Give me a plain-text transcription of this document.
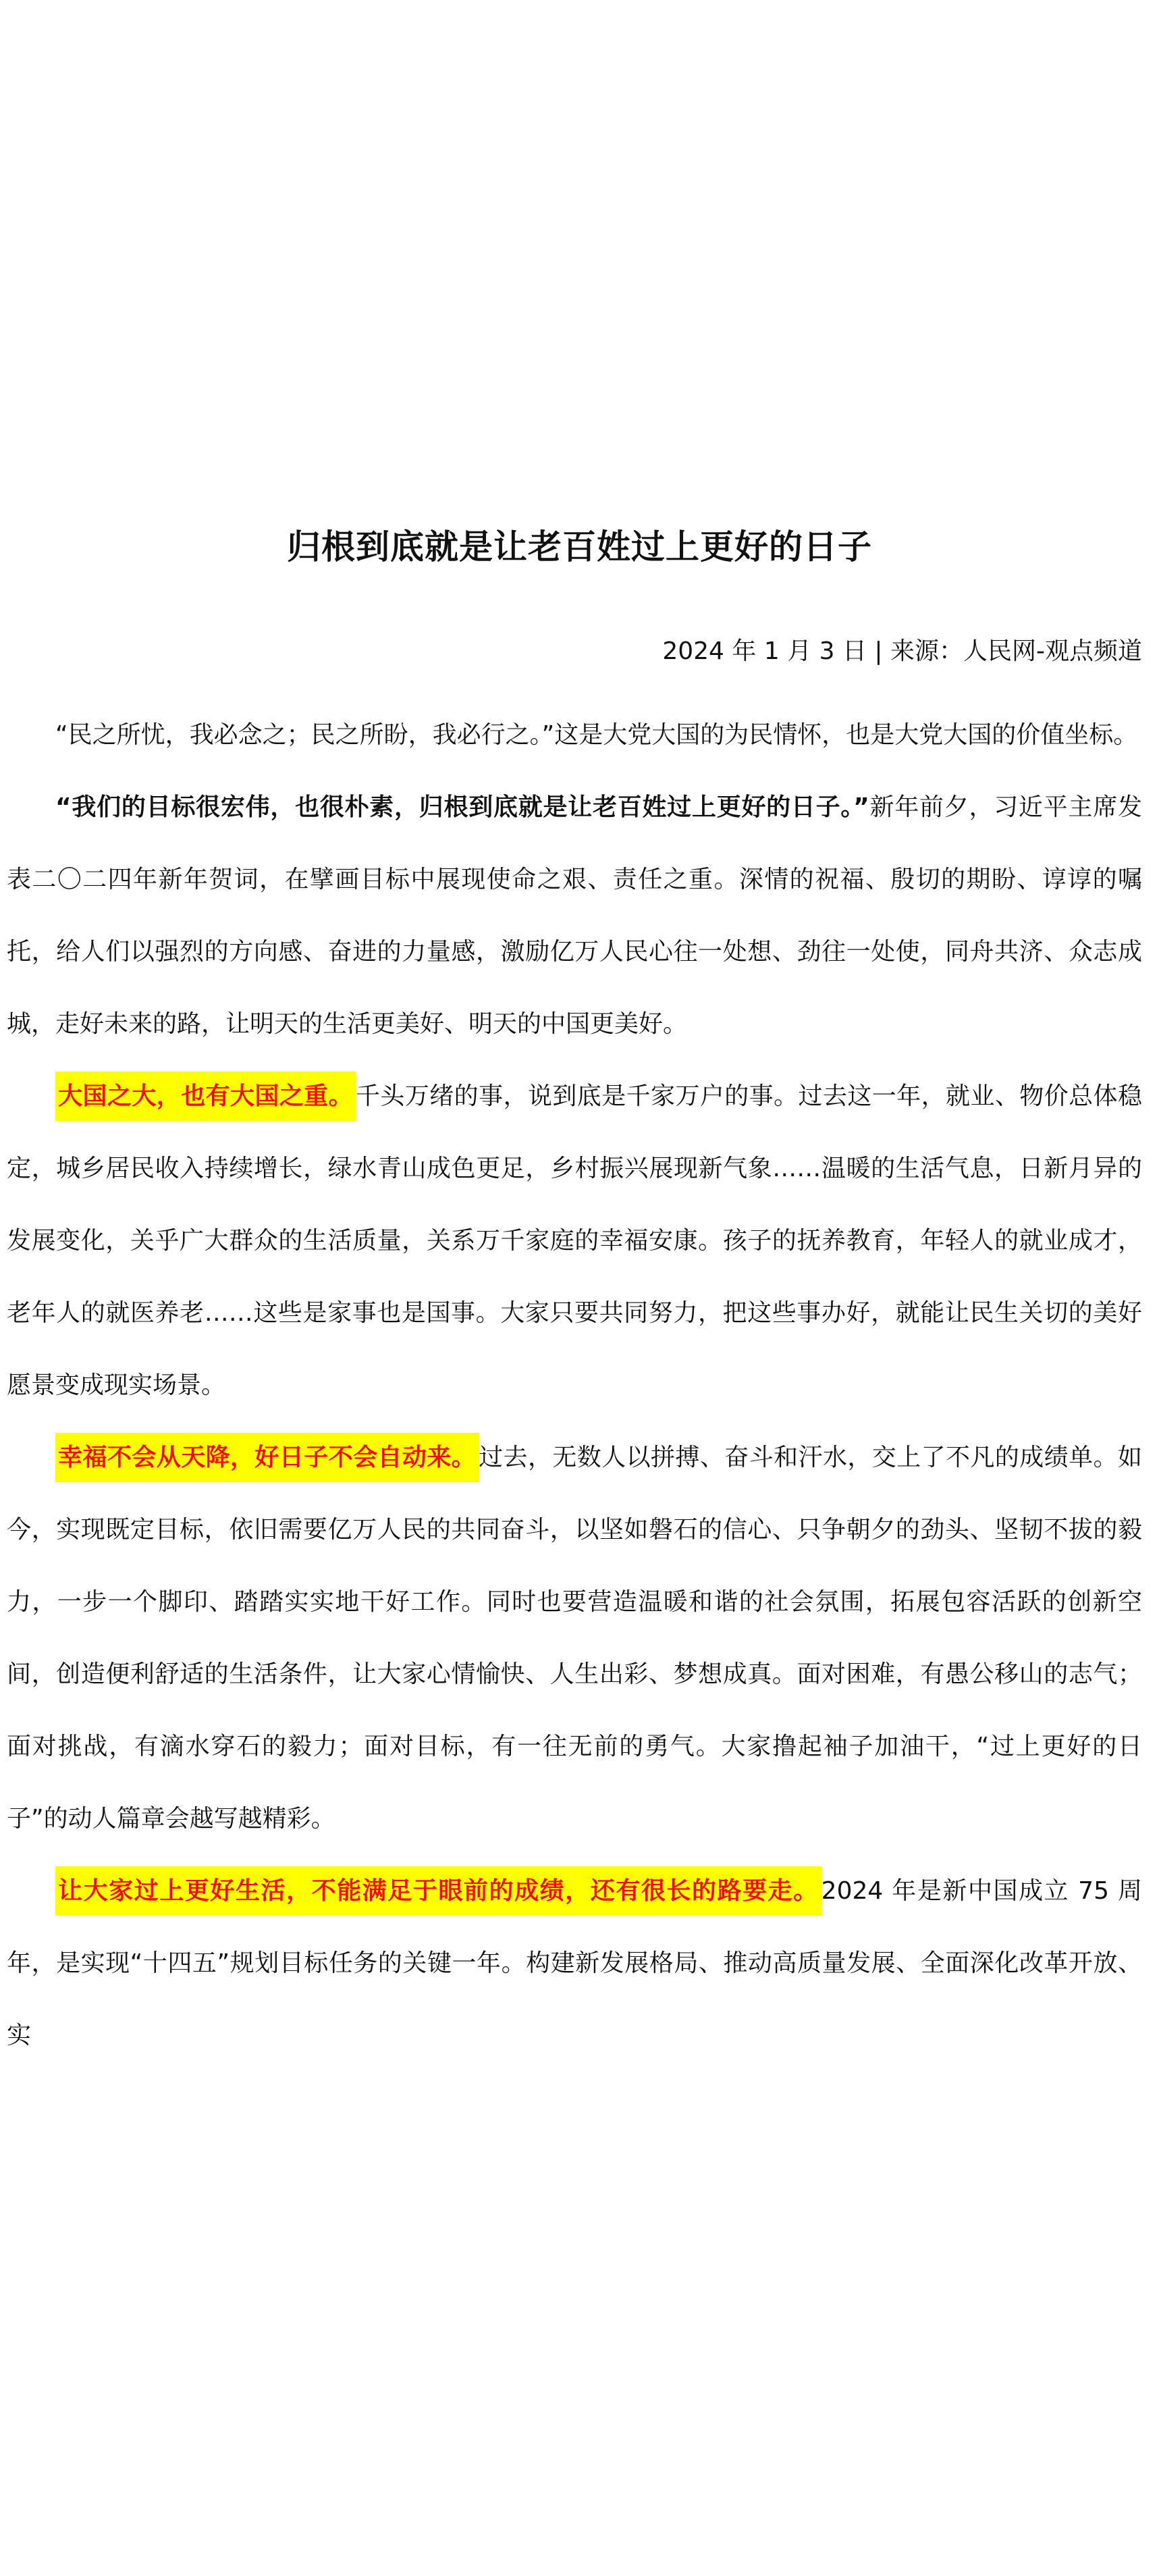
归根到底就是让老百姓过上更好的日子
2024 年 1 月 3 日 | 来源：人民网-观点频道

“民之所忧，我必念之；民之所盼，我必行之。”这是大党大国的为民情怀，也是大党大国的价值坐标。

“我们的目标很宏伟，也很朴素，归根到底就是让老百姓过上更好的日子。”新年前夕，习近平主席发表二〇二四年新年贺词，在擘画目标中展现使命之艰、责任之重。深情的祝福、殷切的期盼、谆谆的嘱托，给人们以强烈的方向感、奋进的力量感，激励亿万人民心往一处想、劲往一处使，同舟共济、众志成城，走好未来的路，让明天的生活更美好、明天的中国更美好。

大国之大，也有大国之重。 千头万绪的事，说到底是千家万户的事。过去这一年，就业、物价总体稳定，城乡居民收入持续增长，绿水青山成色更足，乡村振兴展现新气象……温暖的生活气息，日新月异的发展变化，关乎广大群众的生活质量，关系万千家庭的幸福安康。孩子的抚养教育，年轻人的就业成才，老年人的就医养老……这些是家事也是国事。大家只要共同努力，把这些事办好，就能让民生关切的美好愿景变成现实场景。

幸福不会从天降，好日子不会自动来。 过去，无数人以拼搏、奋斗和汗水，交上了不凡的成绩单。如今，实现既定目标，依旧需要亿万人民的共同奋斗，以坚如磐石的信心、只争朝夕的劲头、坚韧不拔的毅力，一步一个脚印、踏踏实实地干好工作。同时也要营造温暖和谐的社会氛围，拓展包容活跃的创新空间，创造便利舒适的生活条件，让大家心情愉快、人生出彩、梦想成真。面对困难，有愚公移山的志气；面对挑战，有滴水穿石的毅力；面对目标，有一往无前的勇气。大家撸起袖子加油干，“过上更好的日子”的动人篇章会越写越精彩。

让大家过上更好生活，不能满足于眼前的成绩，还有很长的路要走。 2024 年是新中国成立 75 周年，是实现“十四五”规划目标任务的关键一年。构建新发展格局、推动高质量发展、全面深化改革开放、实
